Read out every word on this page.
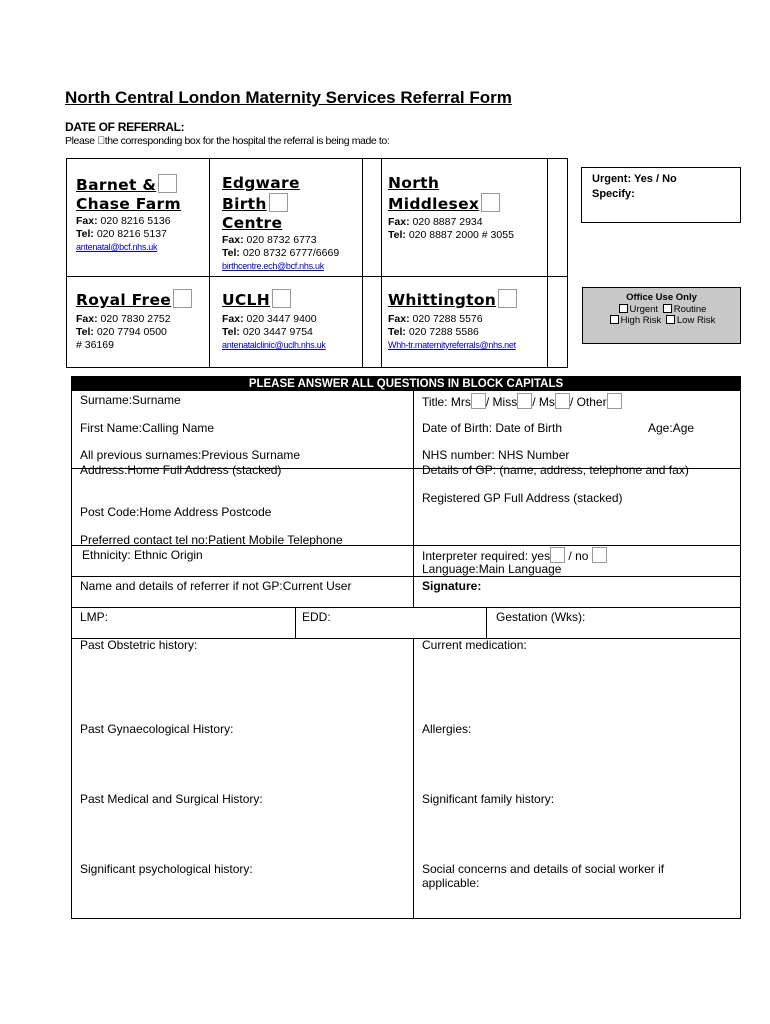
North Central London Maternity Services Referral Form
DATE OF REFERRAL:
Please  the corresponding box for the hospital the referral is being made to:
Barnet &
Chase Farm
Fax: 020 8216 5136
Tel: 020 8216 5137
antenatal@bcf.nhs.uk
Edgware
Birth
Centre
Fax: 020 8732 6773
Tel: 020 8732 6777/6669
birthcentre.ech@bcf.nhs.uk
North
Middlesex
Fax: 020 8887 2934
Tel: 020 8887 2000 # 3055
Royal Free
Fax: 020 7830 2752
Tel: 020 7794 0500
# 36169
UCLH
Fax: 020 3447 9400
Tel: 020 3447 9754
antenatalclinic@uclh.nhs.uk
Whittington
Fax: 020 7288 5576
Tel: 020 7288 5586
Whh-tr.maternityreferrals@nhs.net
Urgent: Yes / No
Specify:
Office Use Only
Urgent Routine
High Risk Low Risk
PLEASE ANSWER ALL QUESTIONS IN BLOCK CAPITALS
Surname:Surname	Title: Mrs / Miss / Ms / Other
First Name:Calling Name	Date of Birth: Date of Birth	Age:Age
All previous surnames:Previous Surname	NHS number: NHS Number
Address:Home Full Address (stacked)	Details of GP: (name, address, telephone and fax)
Registered GP Full Address (stacked)
Post Code:Home Address Postcode
Preferred contact tel no:Patient Mobile Telephone
Ethnicity: Ethnic Origin	Interpreter required: yes / no
Language:Main Language
Name and details of referrer if not GP:Current User	Signature:
LMP:	EDD:	Gestation (Wks):
Past Obstetric history:	Current medication:
Past Gynaecological History:	Allergies:
Past Medical and Surgical History:	Significant family history:
Significant psychological history:	Social concerns and details of social worker if
applicable:
